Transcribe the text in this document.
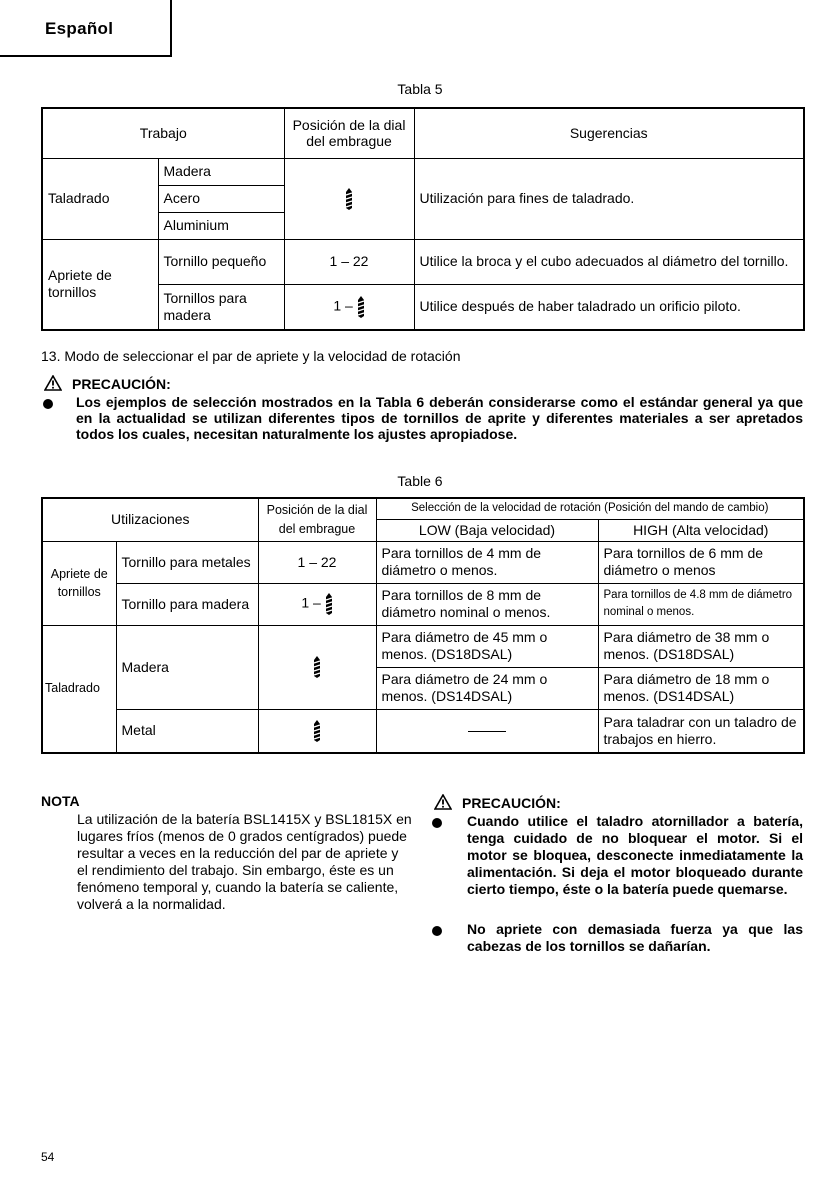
Español
Tabla 5
Trabajo		Posición de la dial del embrague	Sugerencias
Taladrado	Madera		Utilización para fines de taladrado.
	Acero		
	Aluminium		
Apriete de tornillos	Tornillo pequeño	1 – 22	Utilice la broca y el cubo adecuados al diámetro del tornillo.
	Tornillos para madera	1 –	Utilice después de haber taladrado un orificio piloto.
13. Modo de seleccionar el par de apriete y la velocidad de rotación
PRECAUCIÓN:
Los ejemplos de selección mostrados en la Tabla 6 deberán considerarse como el estándar general ya que en la actualidad se utilizan diferentes tipos de tornillos de aprite y diferentes materiales a ser apretados todos los cuales, necesitan naturalmente los ajustes apropiadose.
Table 6
Utilizaciones		Posición de la dial del embrague	Selección de la velocidad de rotación (Posición del mando de cambio)	
			LOW (Baja velocidad)	HIGH (Alta velocidad)
Apriete de tornillos	Tornillo para metales	1 – 22	Para tornillos de 4 mm de diámetro o menos.	Para tornillos de 6 mm de diámetro o menos
	Tornillo para madera	1 –	Para tornillos de 8 mm de diámetro nominal o menos.	Para tornillos de 4.8 mm de diámetro nominal o menos.
Taladrado	Madera		Para diámetro de 45 mm o menos. (DS18DSAL)	Para diámetro de 38 mm o menos. (DS18DSAL)
			Para diámetro de 24 mm o menos. (DS14DSAL)	Para diámetro de 18 mm o menos. (DS14DSAL)
	Metal			Para taladrar con un taladro de trabajos en hierro.
NOTA
La utilización de la batería BSL1415X y BSL1815X en lugares fríos (menos de 0 grados centígrados) puede resultar a veces en la reducción del par de apriete y el rendimiento del trabajo. Sin embargo, éste es un fenómeno temporal y, cuando la batería se caliente, volverá a la normalidad.
PRECAUCIÓN:
Cuando utilice el taladro atornillador a batería, tenga cuidado de no bloquear el motor. Si el motor se bloquea, desconecte inmediatamente la alimentación. Si deja el motor bloqueado durante cierto tiempo, éste o la batería puede quemarse.
No apriete con demasiada fuerza ya que las cabezas de los tornillos se dañarían.
54
